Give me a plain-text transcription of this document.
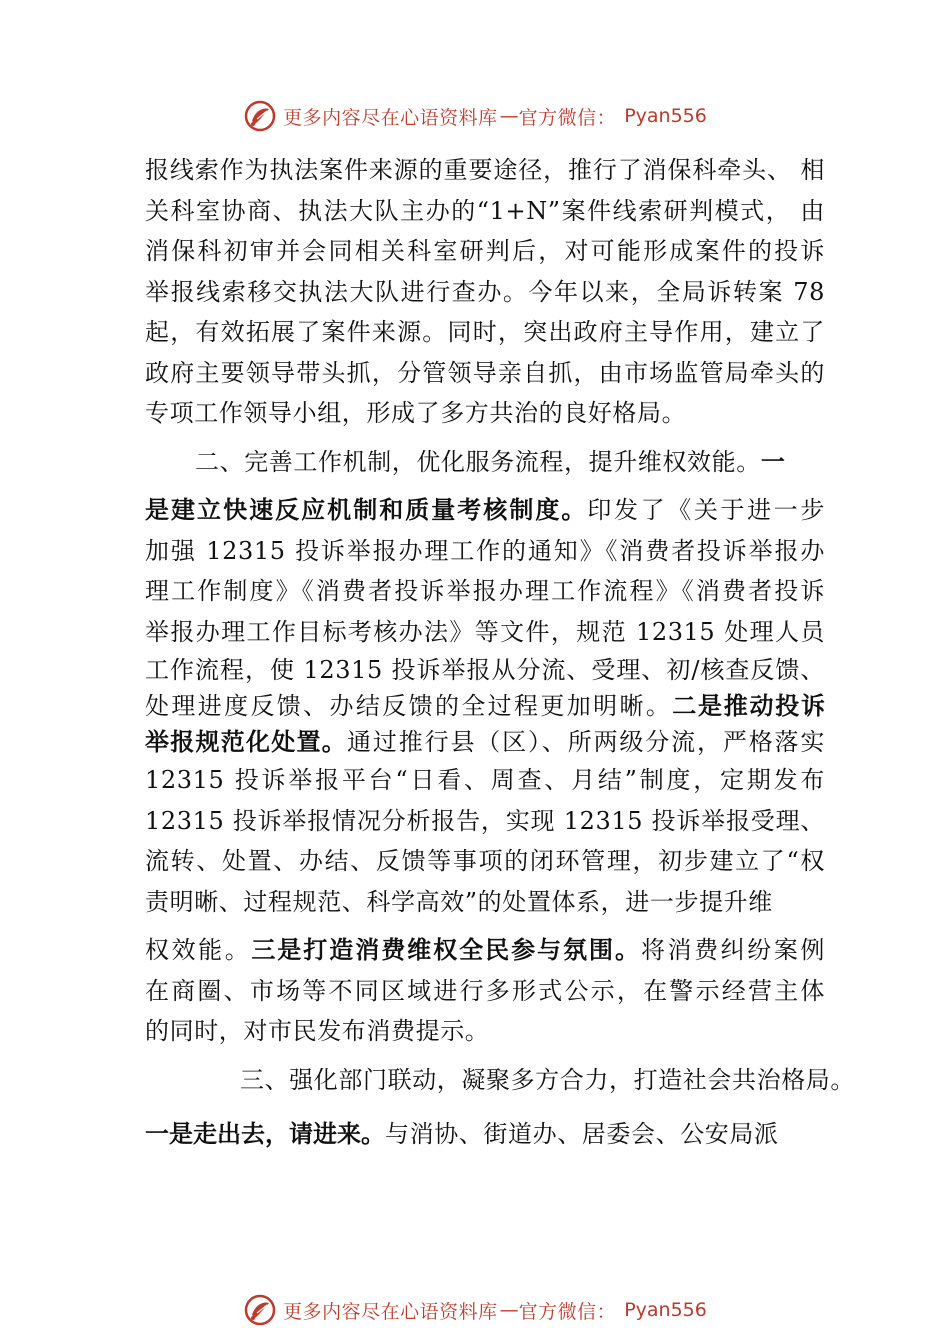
更多内容尽在心语资料库 — 官方微信： Pyan556
报线索作为执法案件来源的重要途径，推行了消保科牵头、 相
关科室协商、执法大队主办的“1+N”案件线索研判模式， 由
消保科初审并会同相关科室研判后，对可能形成案件的投诉
举报线索移交执法大队进行查办。今年以来，全局诉转案 78
起，有效拓展了案件来源。同时，突出政府主导作用，建立了
政府主要领导带头抓，分管领导亲自抓，由市场监管局牵头的
专项工作领导小组，形成了多方共治的良好格局。
二、完善工作机制，优化服务流程，提升维权效能。一
是建立快速反应机制和质量考核制度。印发了《关于进一步
加强 12315 投诉举报办理工作的通知》《消费者投诉举报办
理工作制度》《消费者投诉举报办理工作流程》《消费者投诉
举报办理工作目标考核办法》等文件，规范 12315 处理人员
工作流程，使 12315 投诉举报从分流、受理、初/核查反馈、
处理进度反馈、办结反馈的全过程更加明晰。二是推动投诉
举报规范化处置。通过推行县（区）、所两级分流，严格落实
12315 投诉举报平台“日看、周查、月结”制度，定期发布
12315 投诉举报情况分析报告，实现 12315 投诉举报受理、
流转、处置、办结、反馈等事项的闭环管理，初步建立了“权
责明晰、过程规范、科学高效”的处置体系，进一步提升维
权效能。三是打造消费维权全民参与氛围。将消费纠纷案例
在商圈、市场等不同区域进行多形式公示，在警示经营主体
的同时，对市民发布消费提示。
三、强化部门联动，凝聚多方合力，打造社会共治格局。
一是走出去，请进来。与消协、街道办、居委会、公安局派
更多内容尽在心语资料库 — 官方微信： Pyan556
